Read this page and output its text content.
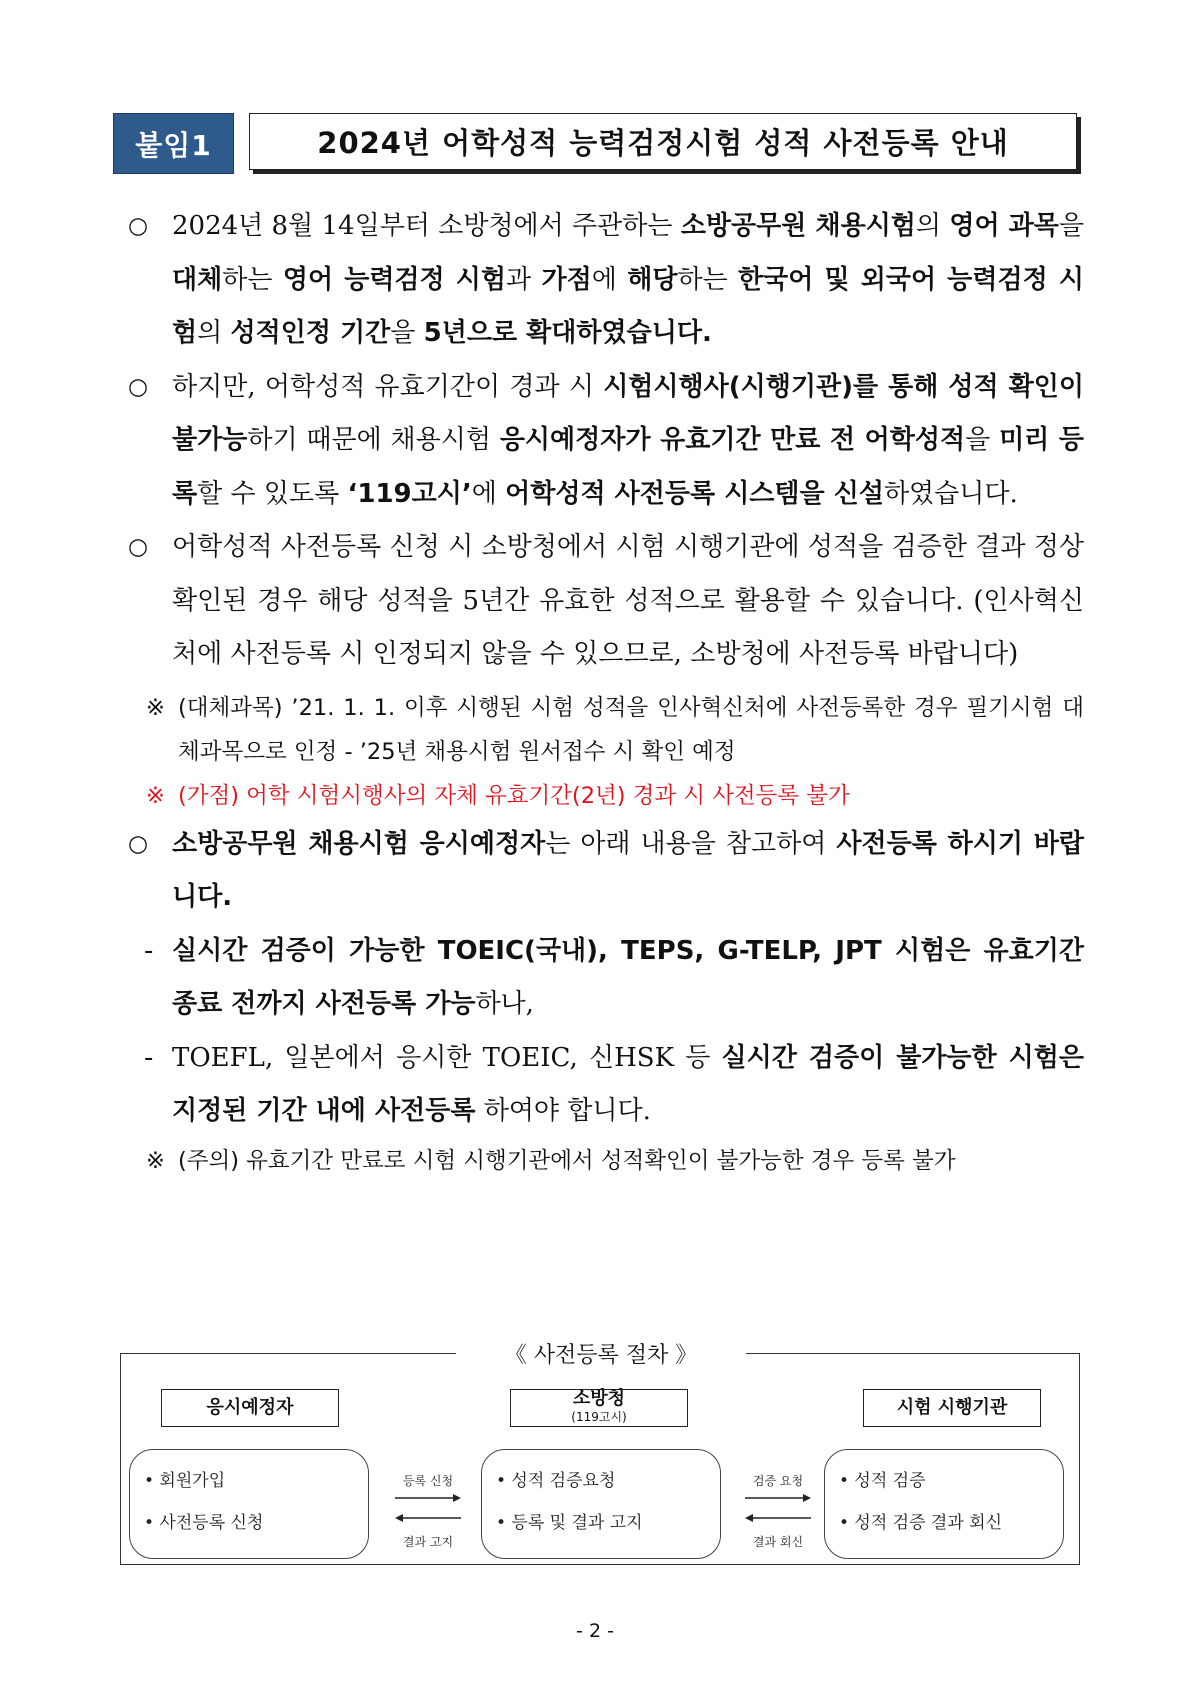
붙임1	2024년 어학성적 능력검정시험 성적 사전등록 안내
○ 2024년 8월 14일부터 소방청에서 주관하는 소방공무원 채용시험의 영어 과목을 대체하는 영어 능력검정 시험과 가점에 해당하는 한국어 및 외국어 능력검정 시험의 성적인정 기간을 5년으로 확대하였습니다.
○ 하지만, 어학성적 유효기간이 경과 시 시험시행사(시행기관)를 통해 성적 확인이 불가능하기 때문에 채용시험 응시예정자가 유효기간 만료 전 어학성적을 미리 등록할 수 있도록 ‘119고시’에 어학성적 사전등록 시스템을 신설하였습니다.
○ 어학성적 사전등록 신청 시 소방청에서 시험 시행기관에 성적을 검증한 결과 정상 확인된 경우 해당 성적을 5년간 유효한 성적으로 활용할 수 있습니다. (인사혁신처에 사전등록 시 인정되지 않을 수 있으므로, 소방청에 사전등록 바랍니다)
※ (대체과목) ’21. 1. 1. 이후 시행된 시험 성적을 인사혁신처에 사전등록한 경우 필기시험 대체과목으로 인정 - ’25년 채용시험 원서접수 시 확인 예정
※ (가점) 어학 시험시행사의 자체 유효기간(2년) 경과 시 사전등록 불가
○ 소방공무원 채용시험 응시예정자는 아래 내용을 참고하여 사전등록 하시기 바랍니다.
- 실시간 검증이 가능한 TOEIC(국내), TEPS, G-TELP, JPT 시험은 유효기간 종료 전까지 사전등록 가능하나,
- TOEFL, 일본에서 응시한 TOEIC, 신HSK 등 실시간 검증이 불가능한 시험은 지정된 기간 내에 사전등록 하여야 합니다.
※ (주의) 유효기간 만료로 시험 시행기관에서 성적확인이 불가능한 경우 등록 불가
《 사전등록 절차 》
응시예정자	소방청
(119고시)	시험 시행기관
• 회원가입
• 사전등록 신청
• 성적 검증요청
• 등록 및 결과 고지
• 성적 검증
• 성적 검증 결과 회신
등록 신청
결과 고지
검증 요청
결과 회신
- 2 -
